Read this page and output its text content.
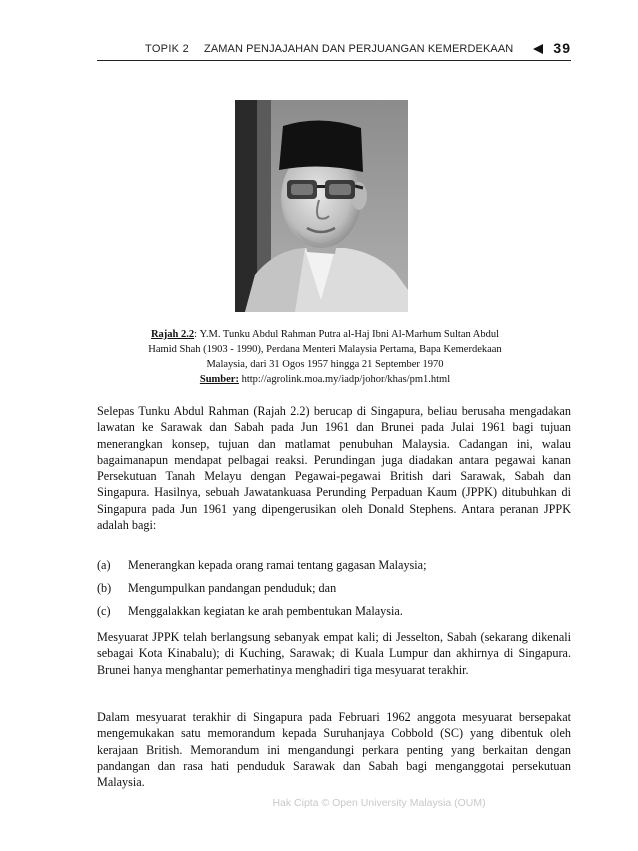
TOPIK 2 ZAMAN PENJAJAHAN DAN PERJUANGAN KEMERDEKAAN	39
Rajah 2.2: Y.M. Tunku Abdul Rahman Putra al-Haj Ibni Al-Marhum Sultan Abdul
Hamid Shah (1903 - 1990), Perdana Menteri Malaysia Pertama, Bapa Kemerdekaan
Malaysia, dari 31 Ogos 1957 hingga 21 September 1970
Sumber: http://agrolink.moa.my/iadp/johor/khas/pm1.html

Selepas Tunku Abdul Rahman (Rajah 2.2) berucap di Singapura, beliau berusaha mengadakan lawatan ke Sarawak dan Sabah pada Jun 1961 dan Brunei pada Julai 1961 bagi tujuan menerangkan konsep, tujuan dan matlamat penubuhan Malaysia. Cadangan ini, walau bagaimanapun mendapat pelbagai reaksi. Perundingan juga diadakan antara pegawai kanan Persekutuan Tanah Melayu dengan Pegawai-pegawai British dari Sarawak, Sabah dan Singapura. Hasilnya, sebuah Jawatankuasa Perunding Perpaduan Kaum (JPPK) ditubuhkan di Singapura pada Jun 1961 yang dipengerusikan oleh Donald Stephens. Antara peranan JPPK adalah bagi:

(a) Menerangkan kepada orang ramai tentang gagasan Malaysia;
(b) Mengumpulkan pandangan penduduk; dan
(c) Menggalakkan kegiatan ke arah pembentukan Malaysia.

Mesyuarat JPPK telah berlangsung sebanyak empat kali; di Jesselton, Sabah (sekarang dikenali sebagai Kota Kinabalu); di Kuching, Sarawak; di Kuala Lumpur dan akhirnya di Singapura. Brunei hanya menghantar pemerhatinya menghadiri tiga mesyuarat terakhir.

Dalam mesyuarat terakhir di Singapura pada Februari 1962 anggota mesyuarat bersepakat mengemukakan satu memorandum kepada Suruhanjaya Cobbold (SC) yang dibentuk oleh kerajaan British. Memorandum ini mengandungi perkara penting yang berkaitan dengan pandangan dan rasa hati penduduk Sarawak dan Sabah bagi menganggotai persekutuan Malaysia.

Hak Cipta © Open University Malaysia (OUM)
